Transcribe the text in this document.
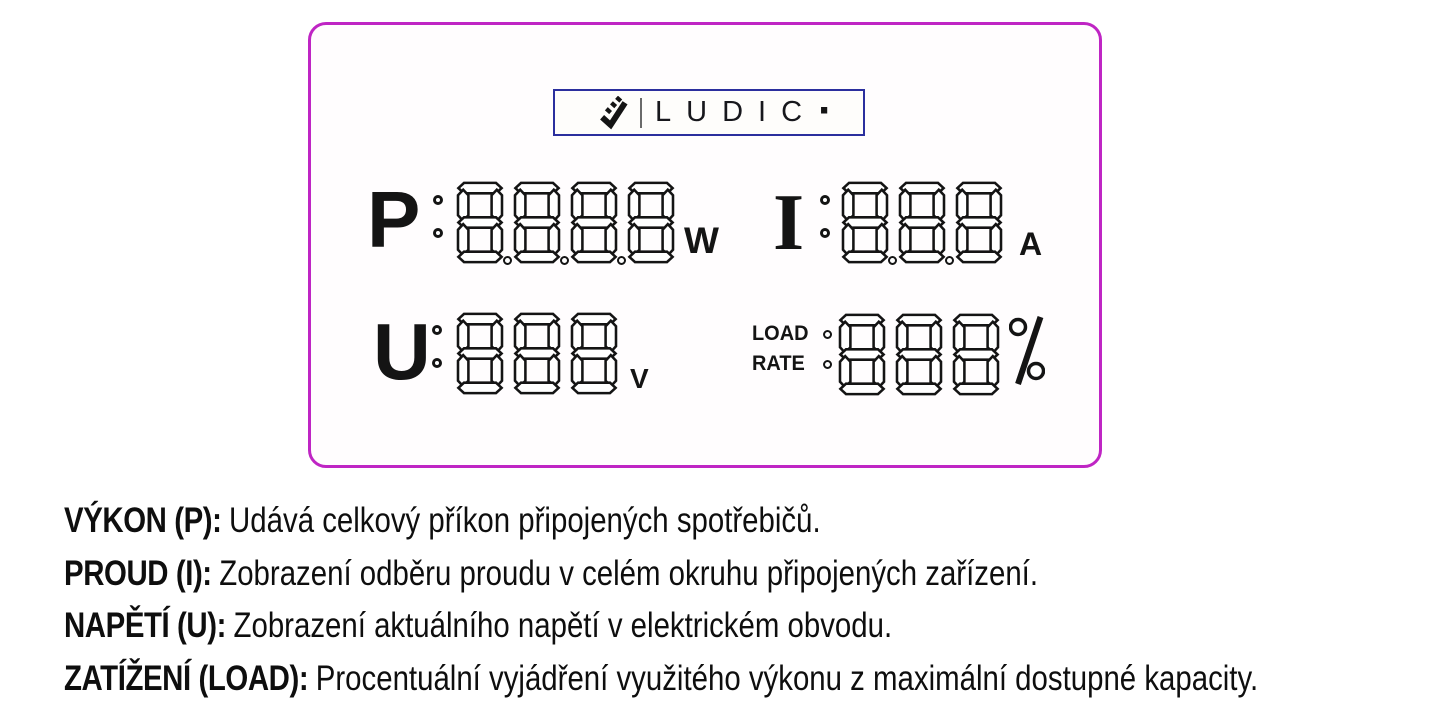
LUDIC ·
P	W I	A
U	V
LOAD
RATE
VÝKON (P): Udává celkový příkon připojených spotřebičů.
PROUD (I): Zobrazení odběru proudu v celém okruhu připojených zařízení.
NAPĚTÍ (U): Zobrazení aktuálního napětí v elektrickém obvodu.
ZATÍŽENÍ (LOAD): Procentuální vyjádření využitého výkonu z maximální dostupné kapacity.
